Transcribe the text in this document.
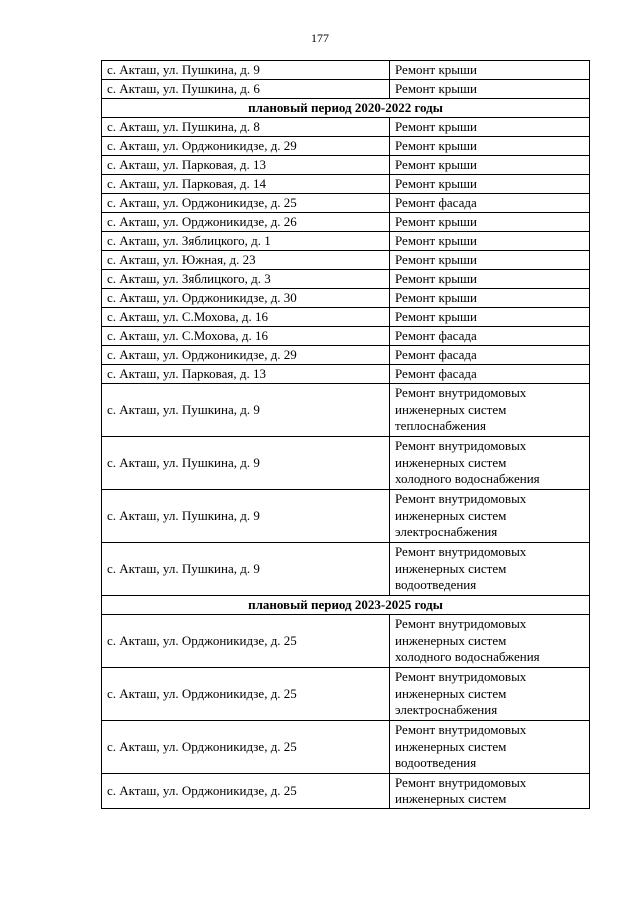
177
с. Акташ, ул. Пушкина, д. 9	Ремонт крыши

с. Акташ, ул. Пушкина, д. 6	Ремонт крыши

плановый период 2020-2022 годы	
с. Акташ, ул. Пушкина, д. 8	Ремонт крыши

с. Акташ, ул. Орджоникидзе, д. 29	Ремонт крыши

с. Акташ, ул. Парковая, д. 13	Ремонт крыши

с. Акташ, ул. Парковая, д. 14	Ремонт крыши

с. Акташ, ул. Орджоникидзе, д. 25	Ремонт фасада

с. Акташ, ул. Орджоникидзе, д. 26	Ремонт крыши

с. Акташ, ул. Зяблицкого, д. 1	Ремонт крыши

с. Акташ, ул. Южная, д. 23	Ремонт крыши

с. Акташ, ул. Зяблицкого, д. 3	Ремонт крыши

с. Акташ, ул. Орджоникидзе, д. 30	Ремонт крыши

с. Акташ, ул. С.Мохова, д. 16	Ремонт крыши

с. Акташ, ул. С.Мохова, д. 16	Ремонт фасада

с. Акташ, ул. Орджоникидзе, д. 29	Ремонт фасада

с. Акташ, ул. Парковая, д. 13	Ремонт фасада

с. Акташ, ул. Пушкина, д. 9	Ремонт внутридомовых
инженерных систем
теплоснабжения

с. Акташ, ул. Пушкина, д. 9	Ремонт внутридомовых
инженерных систем
холодного водоснабжения

с. Акташ, ул. Пушкина, д. 9	Ремонт внутридомовых
инженерных систем
электроснабжения

с. Акташ, ул. Пушкина, д. 9	Ремонт внутридомовых
инженерных систем
водоотведения

плановый период 2023-2025 годы	
с. Акташ, ул. Орджоникидзе, д. 25	Ремонт внутридомовых
инженерных систем
холодного водоснабжения

с. Акташ, ул. Орджоникидзе, д. 25	Ремонт внутридомовых
инженерных систем
электроснабжения

с. Акташ, ул. Орджоникидзе, д. 25	Ремонт внутридомовых
инженерных систем
водоотведения

с. Акташ, ул. Орджоникидзе, д. 25	Ремонт внутридомовых
инженерных систем
